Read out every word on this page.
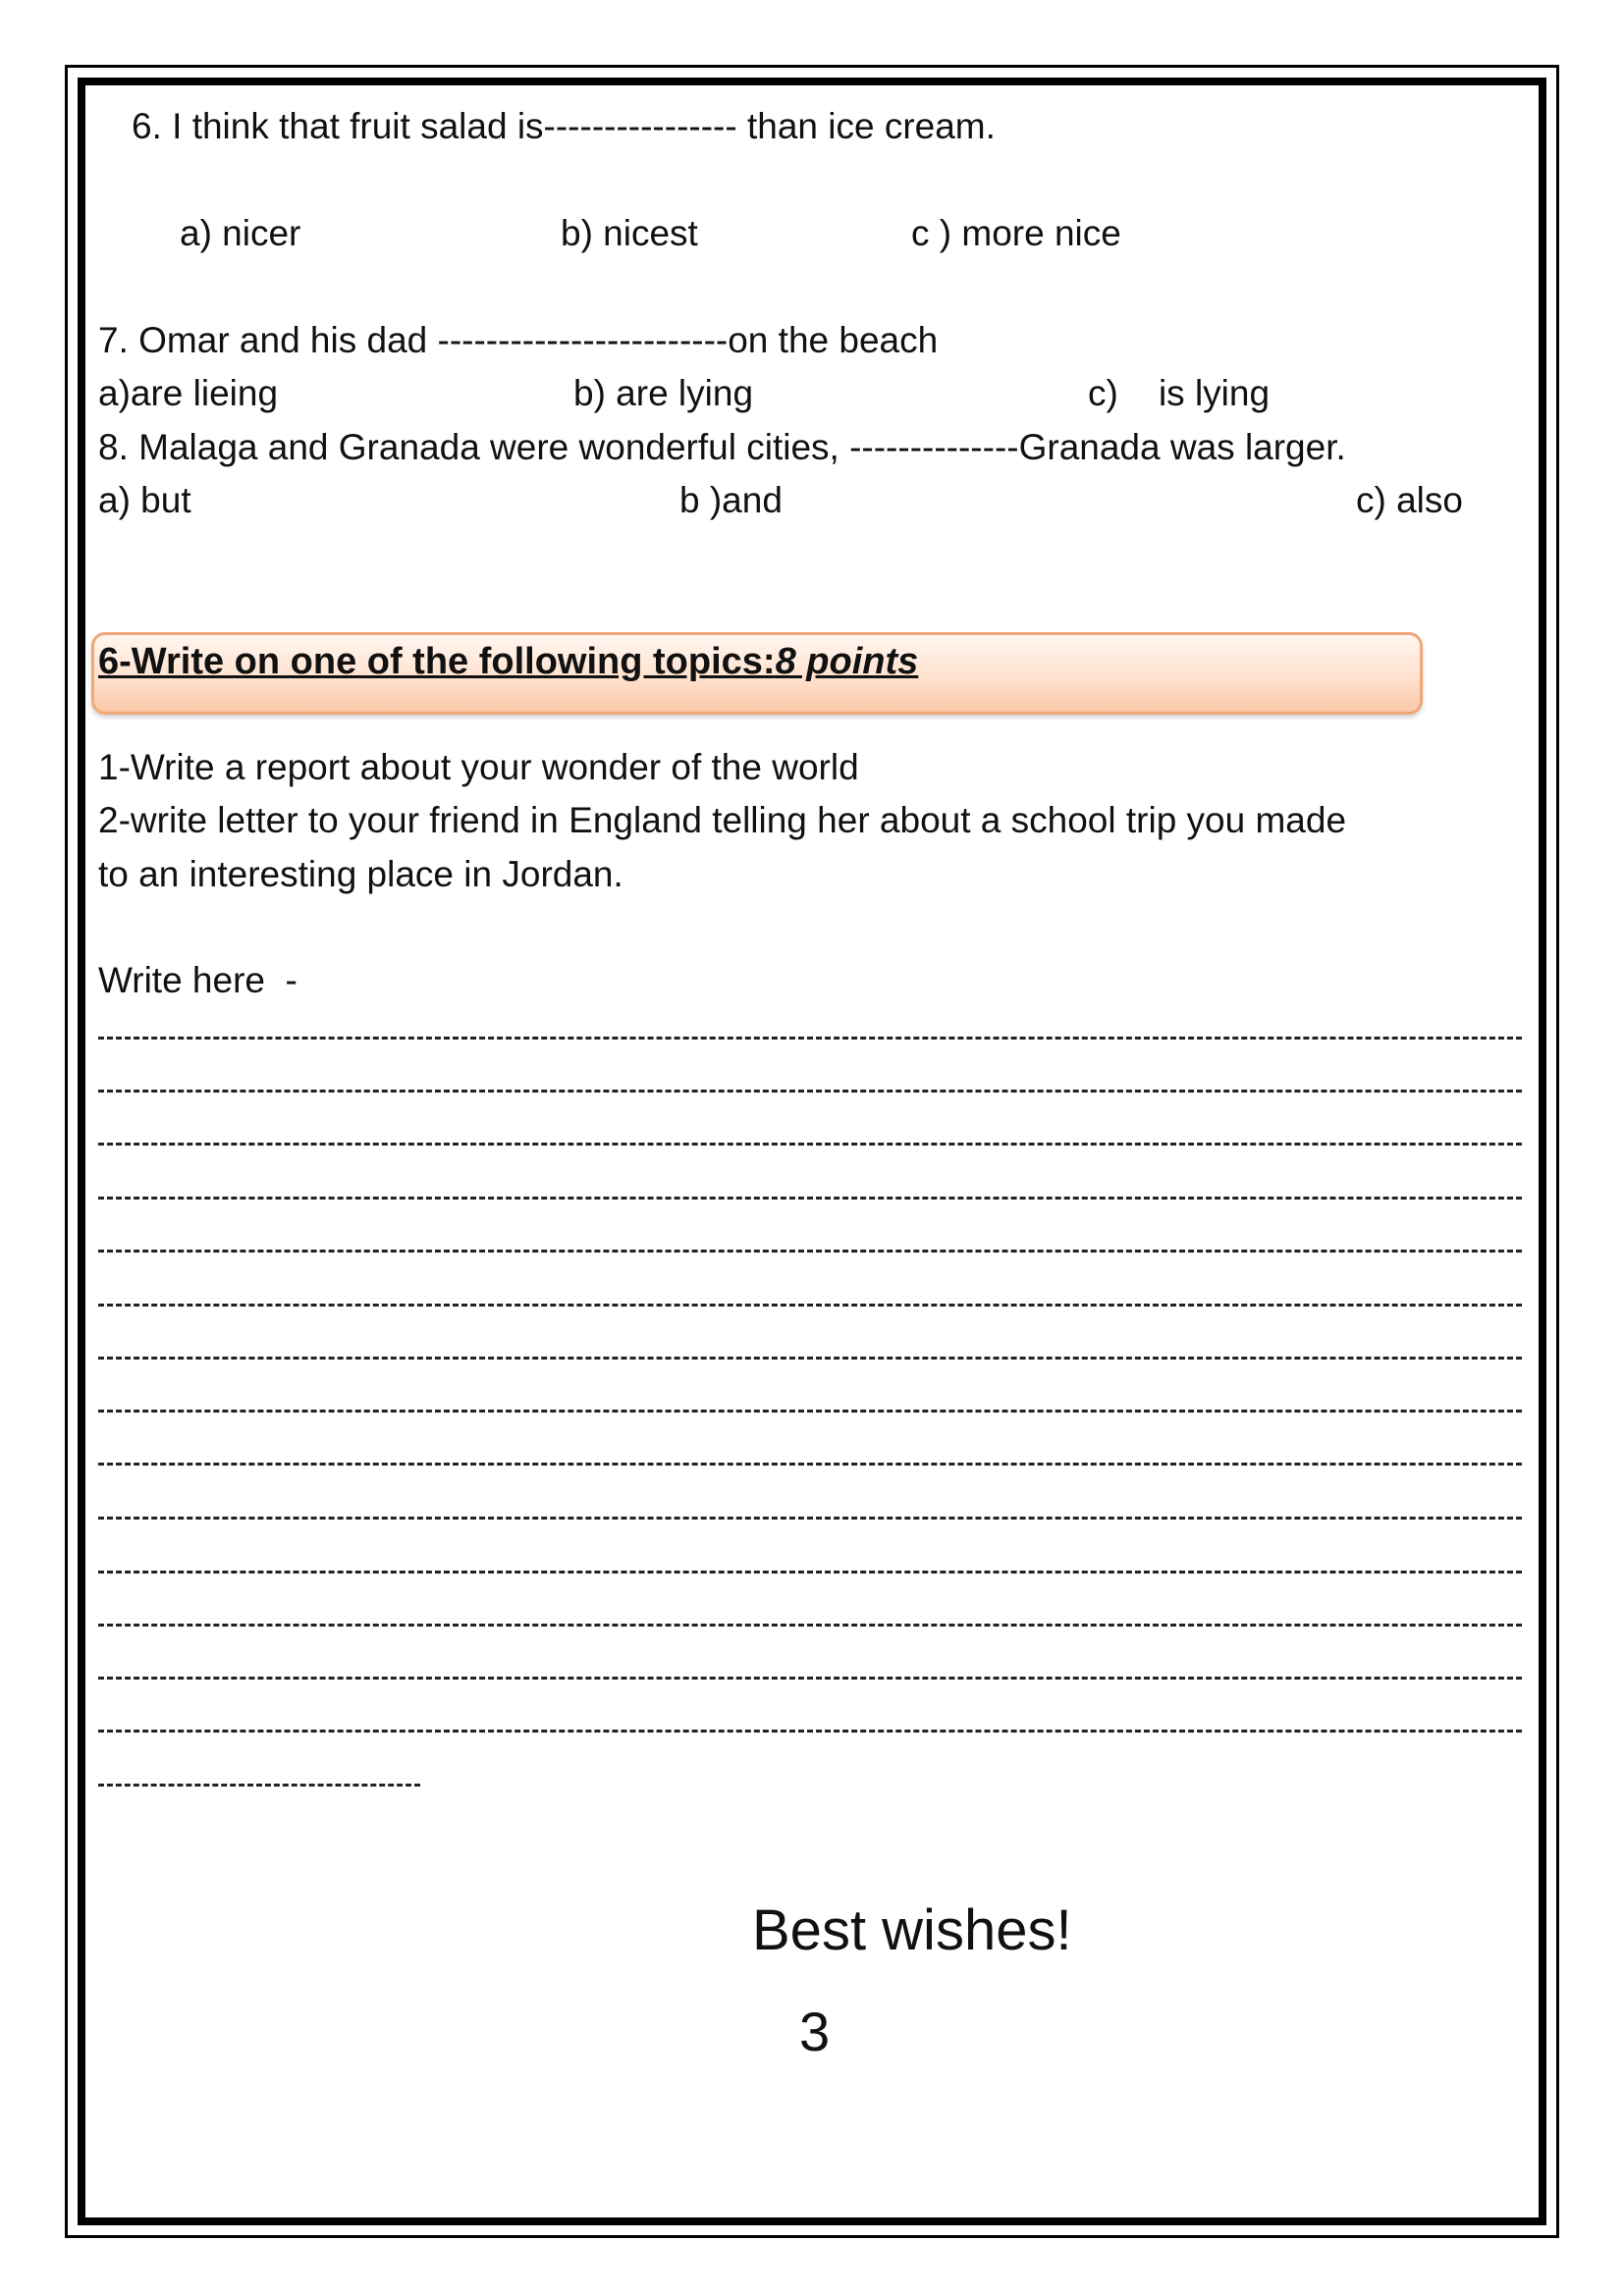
6. I think that fruit salad is---------------- than ice cream.
a) nicer	b) nicest	c ) more nice
7. Omar and his dad ------------------------on the beach
a)are lieing	b) are lying	c)    is lying
8. Malaga and Granada were wonderful cities, --------------Granada was larger.
a) but	b )and	c) also
6-Write on one of the following topics:8 points
1-Write a report about your wonder of the world
2-write letter to your friend in England telling her about a school trip you made
to an interesting place in Jordan.
Write here  -
Best wishes!
3
